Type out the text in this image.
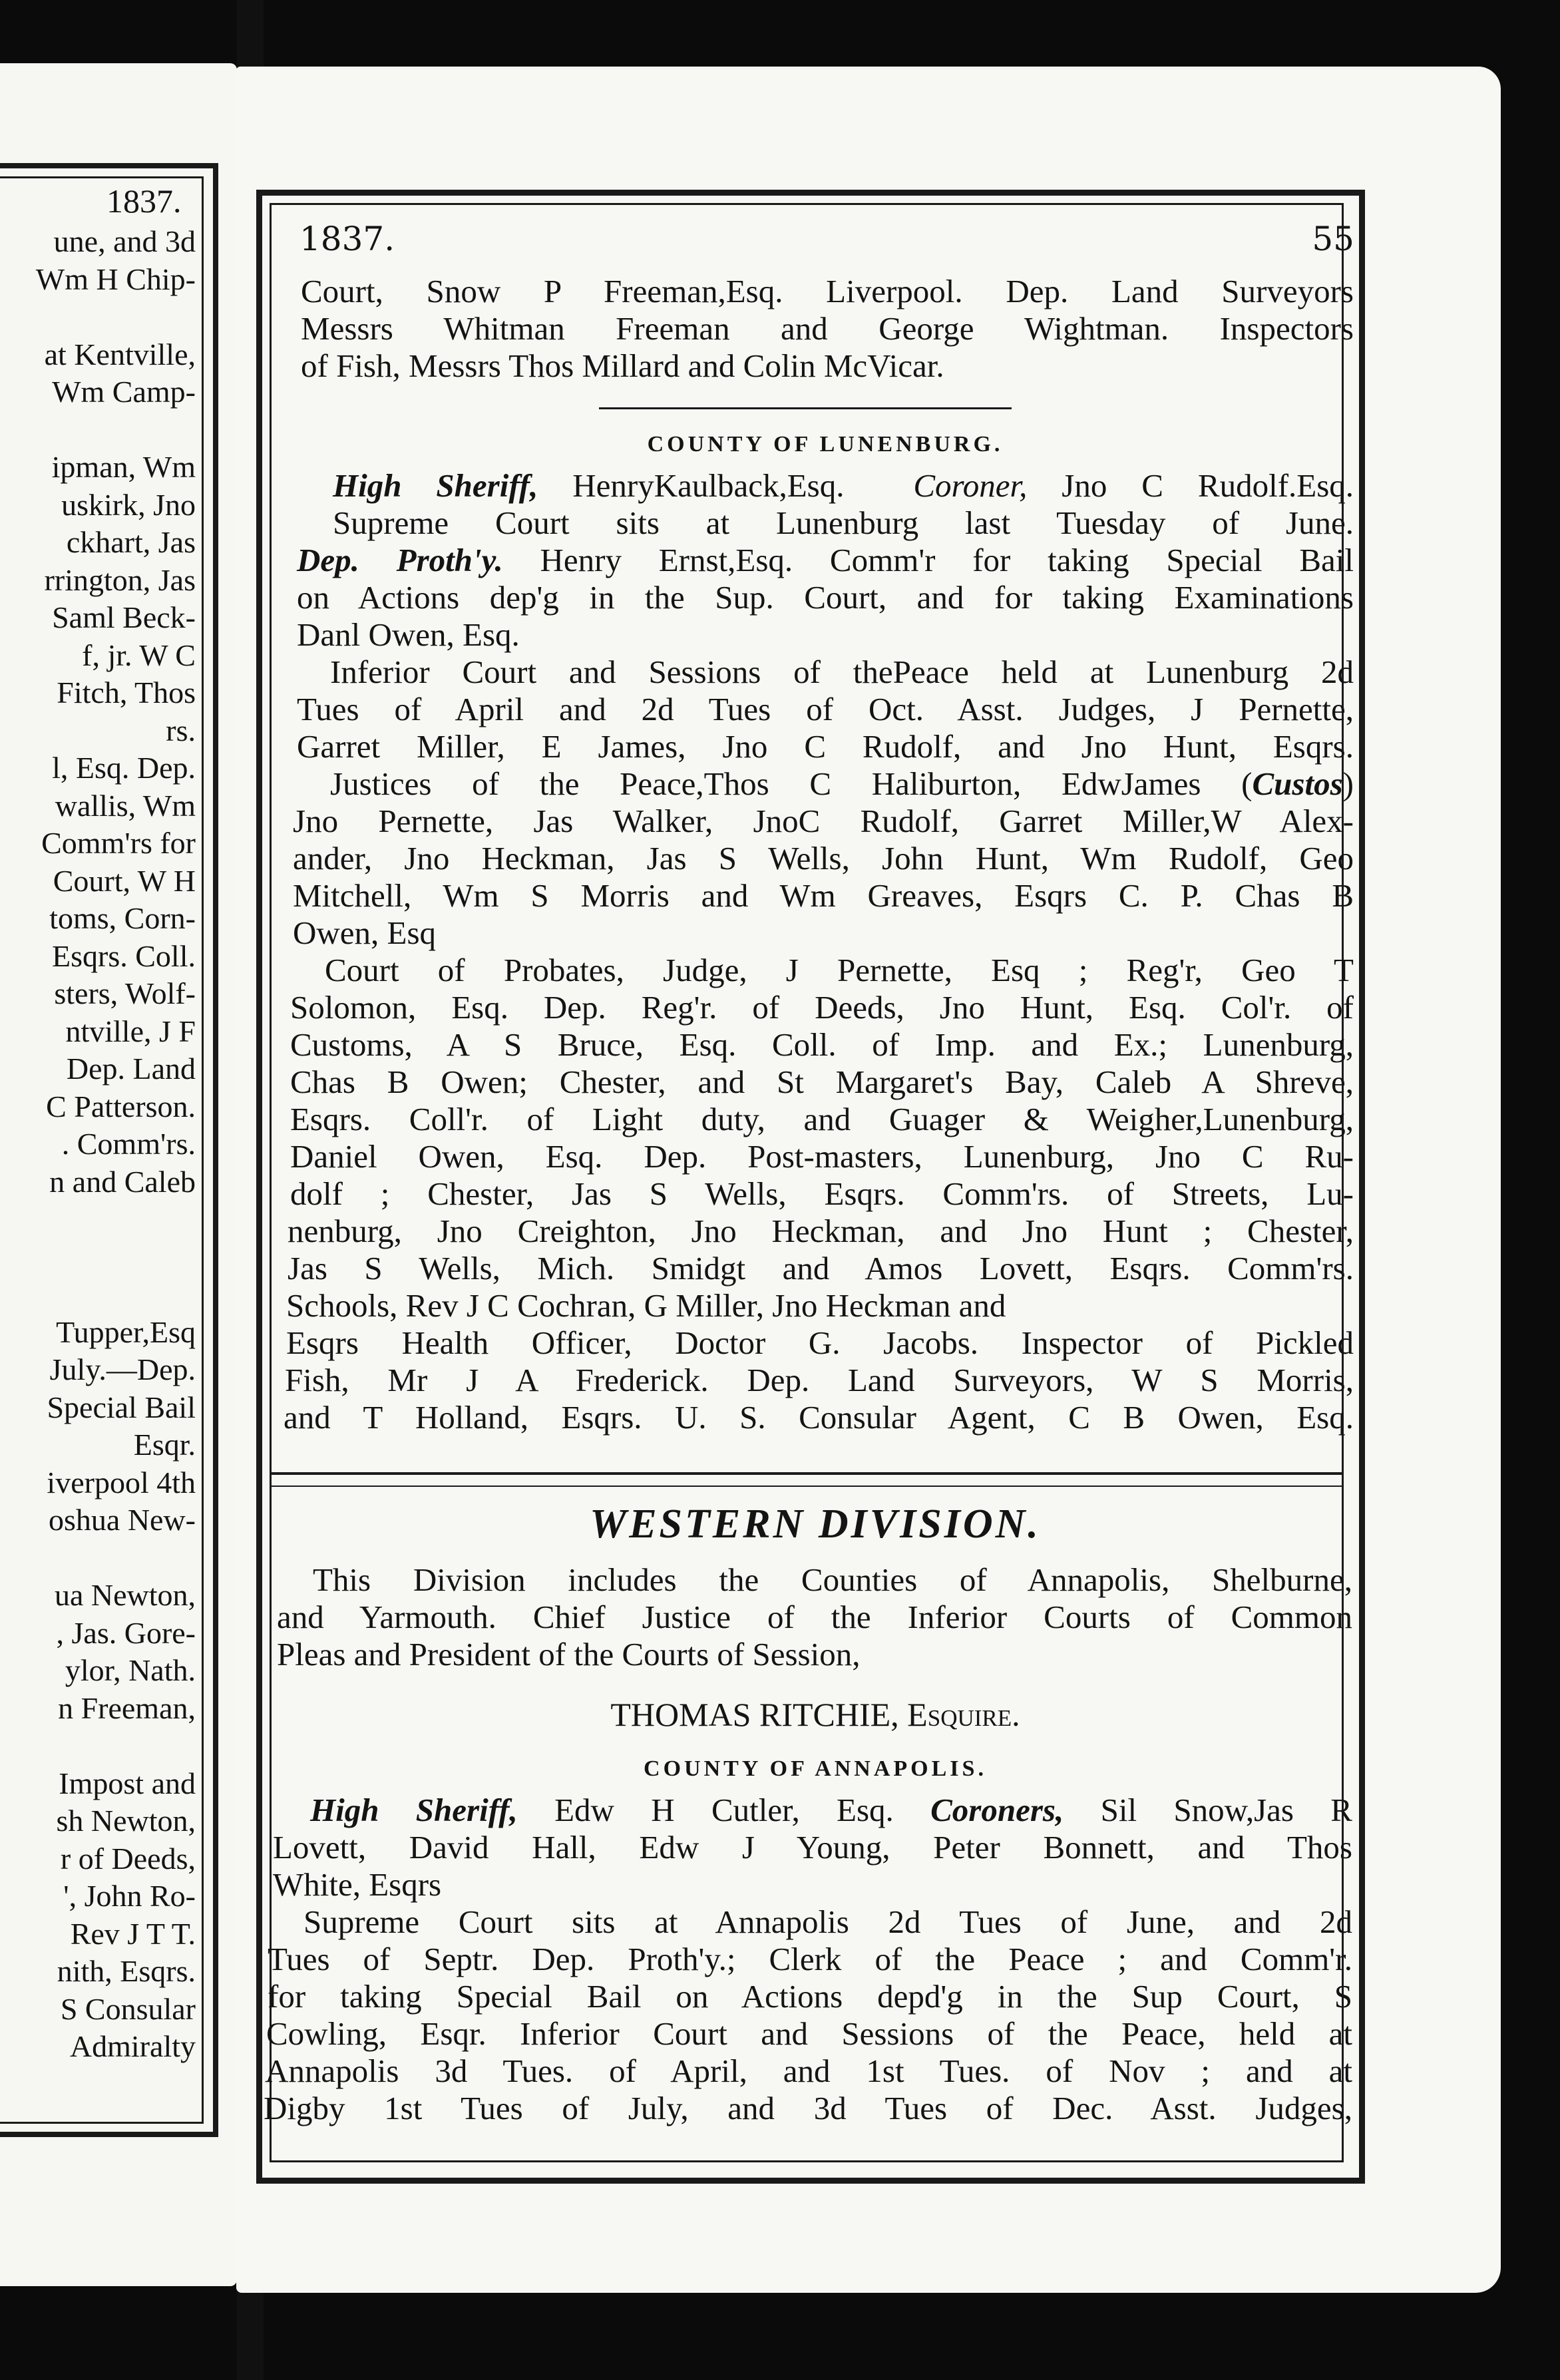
1837.
une, and 3d
Wm H Chip-
at Kentville,
Wm Camp-
ipman, Wm
uskirk, Jno
ckhart, Jas
rrington, Jas
Saml Beck-
f, jr. W C
Fitch, Thos
rs.
l, Esq. Dep.
wallis, Wm
Comm'rs for
Court, W H
toms, Corn-
Esqrs. Coll.
sters, Wolf-
ntville, J F
Dep. Land
C Patterson.
. Comm'rs.
n and Caleb
Tupper,Esq
July.—Dep.
Special Bail
Esqr.
iverpool 4th
oshua New-
ua Newton,
, Jas. Gore-
ylor, Nath.
n Freeman,
Impost and
sh Newton,
r of Deeds,
', John Ro-
Rev J T T.
nith, Esqrs.
S Consular
Admiralty
1837.	55
Court, Snow P Freeman,Esq. Liverpool. Dep. Land Surveyors
Messrs Whitman Freeman and George Wightman. Inspectors
of Fish, Messrs Thos Millard and Colin McVicar.
COUNTY OF LUNENBURG.
High Sheriff, HenryKaulback,Esq. Coroner, Jno C Rudolf.Esq.
Supreme Court sits at Lunenburg last Tuesday of June.
Dep. Proth'y. Henry Ernst,Esq. Comm'r for taking Special Bail
on Actions dep'g in the Sup. Court, and for taking Examinations
Danl Owen, Esq.
Inferior Court and Sessions of thePeace held at Lunenburg 2d
Tues of April and 2d Tues of Oct. Asst. Judges, J Pernette,
Garret Miller, E James, Jno C Rudolf, and Jno Hunt, Esqrs.
Justices of the Peace,Thos C Haliburton, EdwJames (Custos)
Jno Pernette, Jas Walker, JnoC Rudolf, Garret Miller,W Alex-
ander, Jno Heckman, Jas S Wells, John Hunt, Wm Rudolf, Geo
Mitchell, Wm S Morris and Wm Greaves, Esqrs C. P. Chas B
Owen, Esq
Court of Probates, Judge, J Pernette, Esq ; Reg'r, Geo T
Solomon, Esq. Dep. Reg'r. of Deeds, Jno Hunt, Esq. Col'r. of
Customs, A S Bruce, Esq. Coll. of Imp. and Ex.; Lunenburg,
Chas B Owen; Chester, and St Margaret's Bay, Caleb A Shreve,
Esqrs. Coll'r. of Light duty, and Guager & Weigher,Lunenburg,
Daniel Owen, Esq. Dep. Post-masters, Lunenburg, Jno C Ru-
dolf ; Chester, Jas S Wells, Esqrs. Comm'rs. of Streets, Lu-
nenburg, Jno Creighton, Jno Heckman, and Jno Hunt ; Chester,
Jas S Wells, Mich. Smidgt and Amos Lovett, Esqrs. Comm'rs.
Schools, Rev J C Cochran, G Miller, Jno Heckman and
Esqrs Health Officer, Doctor G. Jacobs. Inspector of Pickled
Fish, Mr J A Frederick. Dep. Land Surveyors, W S Morris,
and T Holland, Esqrs. U. S. Consular Agent, C B Owen, Esq.
WESTERN DIVISION.
This Division includes the Counties of Annapolis, Shelburne,
and Yarmouth. Chief Justice of the Inferior Courts of Common
Pleas and President of the Courts of Session,
THOMAS RITCHIE, Esquire.
COUNTY OF ANNAPOLIS.
High Sheriff, Edw H Cutler, Esq. Coroners, Sil Snow,Jas R
Lovett, David Hall, Edw J Young, Peter Bonnett, and Thos
White, Esqrs
Supreme Court sits at Annapolis 2d Tues of June, and 2d
Tues of Septr. Dep. Proth'y.; Clerk of the Peace ; and Comm'r.
for taking Special Bail on Actions depd'g in the Sup Court, S
Cowling, Esqr. Inferior Court and Sessions of the Peace, held at
Annapolis 3d Tues. of April, and 1st Tues. of Nov ; and at
Digby 1st Tues of July, and 3d Tues of Dec. Asst. Judges,
